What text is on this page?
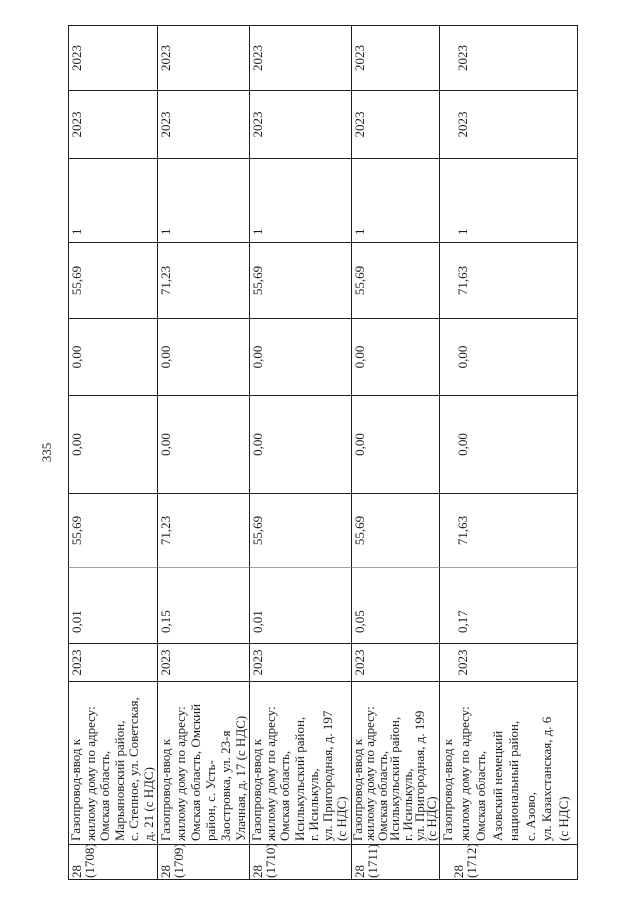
335
28
(1708)
Газопровод-ввод к жилому дому по адресу: Омская область, Марьяновский район, с. Степное, ул. Советская, д. 21 (с НДС)
2023
0,01
55,69
0,00
0,00
55,69
1
2023
2023
28
(1709)
Газопровод-ввод к жилому дому по адресу: Омская область, Омский район, с. Усть- Заостровка, ул. 23-я Улачная, д. 17 (с НДС)
2023
0,15
71,23
0,00
0,00
71,23
1
2023
2023
28
(1710)
Газопровод-ввод к жилому дому по адресу: Омская область, Исилькульский район, г. Исилькуль, ул. Пригородная, д. 197 (с НДС)
2023
0,01
55,69
0,00
0,00
55,69
1
2023
2023
28
(1711)
Газопровод-ввод к
жилому дому по адресу:
Омская область,
Исилькульский район,
г. Исилькуль,
ул. Пригородная, д. 199
(с НДС)
2023
0,05
55,69
0,00
0,00
55,69
1
2023
2023
28
(1712)
Газопровод-ввод к жилому дому по адресу: Омская область, Азовский немецкий национальный район, с. Азово, ул. Казахстанская, д. 6 (с НДС)
2023
0,17
71,63
0,00
0,00
71,63
1
2023
2023
